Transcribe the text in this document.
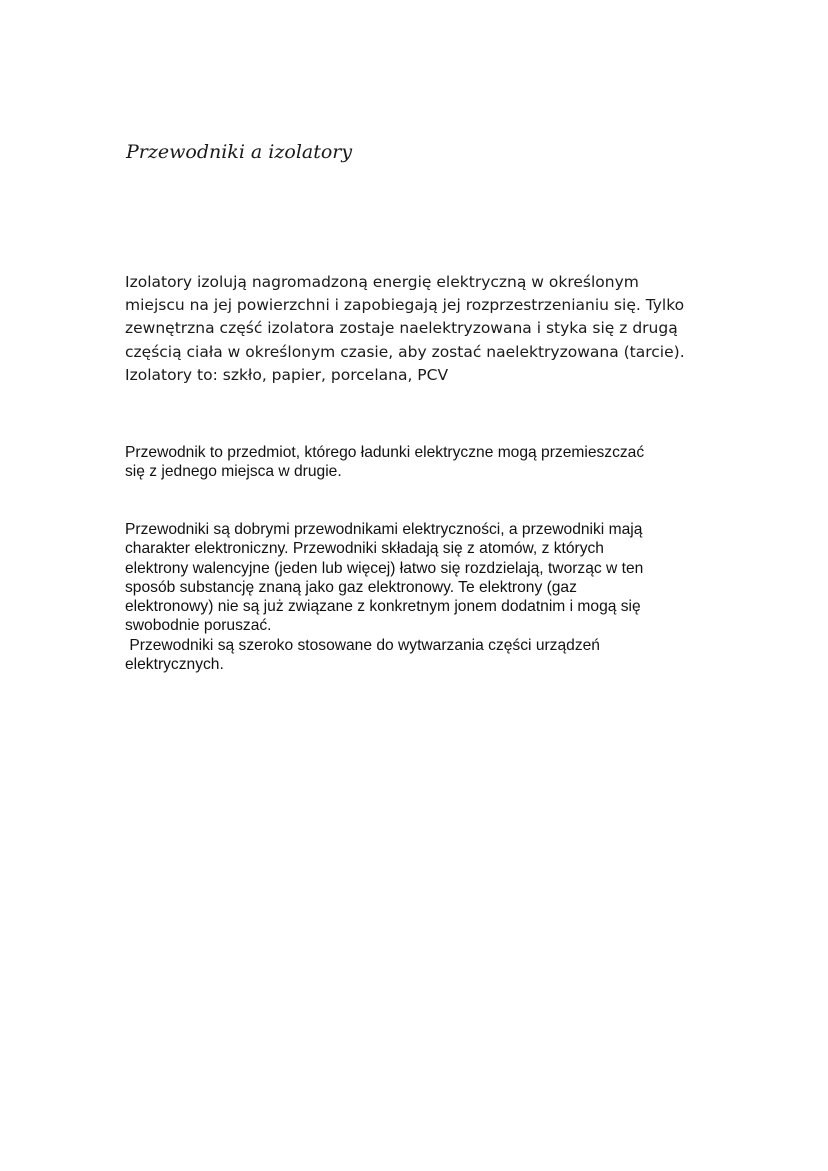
Przewodniki a izolatory

Izolatory izolują nagromadzoną energię elektryczną w określonym
miejscu na jej powierzchni i zapobiegają jej rozprzestrzenianiu się. Tylko
zewnętrzna część izolatora zostaje naelektryzowana i styka się z drugą
częścią ciała w określonym czasie, aby zostać naelektryzowana (tarcie).
Izolatory to: szkło, papier, porcelana, PCV

Przewodnik to przedmiot, którego ładunki elektryczne mogą przemieszczać
się z jednego miejsca w drugie.

Przewodniki są dobrymi przewodnikami elektryczności, a przewodniki mają
charakter elektroniczny. Przewodniki składają się z atomów, z których
elektrony walencyjne (jeden lub więcej) łatwo się rozdzielają, tworząc w ten
sposób substancję znaną jako gaz elektronowy. Te elektrony (gaz
elektronowy) nie są już związane z konkretnym jonem dodatnim i mogą się
swobodnie poruszać.
Przewodniki są szeroko stosowane do wytwarzania części urządzeń
elektrycznych.
